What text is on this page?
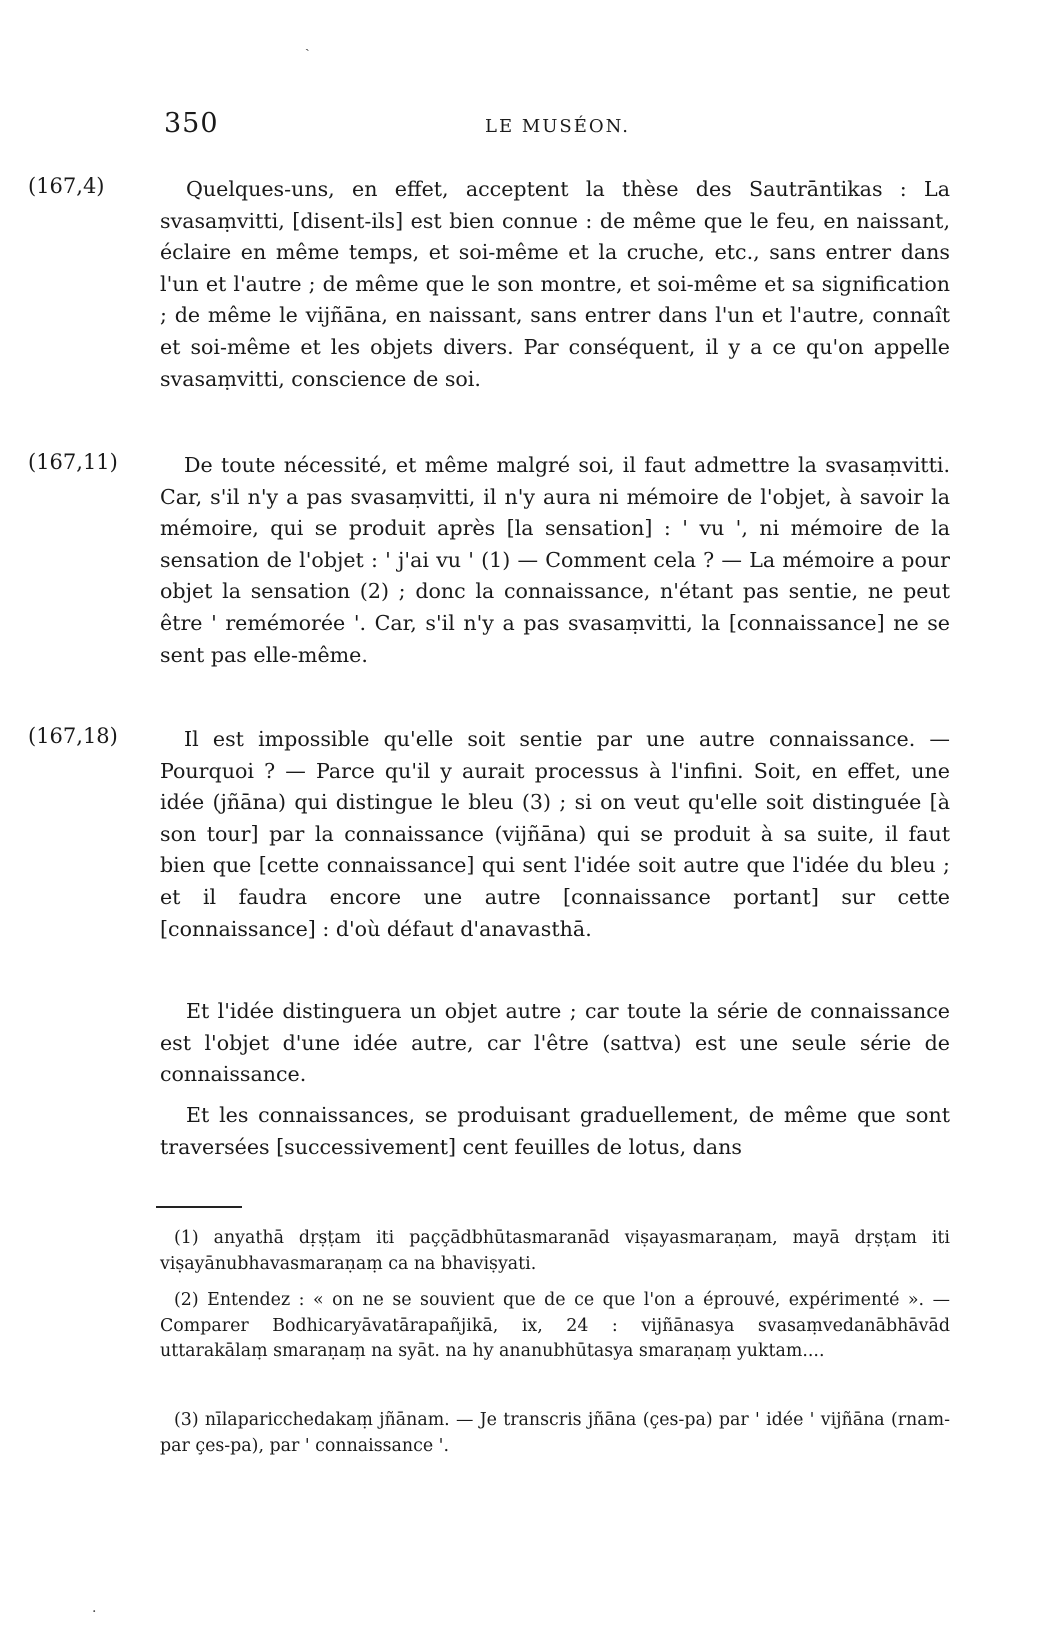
ˏ
350	LE MUSÉON.
(167,4)	Quelques-uns, en effet, acceptent la thèse des Sautrāntikas : La svasaṃvitti, [disent-ils] est bien connue : de même que le feu, en naissant, éclaire en même temps, et soi-même et la cruche, etc., sans entrer dans l'un et l'autre ; de même que le son montre, et soi-même et sa signification ; de même le vijñāna, en naissant, sans entrer dans l'un et l'autre, connaît et soi-même et les objets divers. Par conséquent, il y a ce qu'on appelle svasaṃvitti, conscience de soi.

(167,11)	De toute nécessité, et même malgré soi, il faut admettre la svasaṃvitti. Car, s'il n'y a pas svasaṃvitti, il n'y aura ni mémoire de l'objet, à savoir la mémoire, qui se produit après [la sensation] : ' vu ', ni mémoire de la sensation de l'objet : ' j'ai vu ' (1) — Comment cela ? — La mémoire a pour objet la sensation (2) ; donc la connaissance, n'étant pas sentie, ne peut être ' remémorée '. Car, s'il n'y a pas svasaṃvitti, la [connaissance] ne se sent pas elle-même.

(167,18)	Il est impossible qu'elle soit sentie par une autre connaissance. — Pourquoi ? — Parce qu'il y aurait processus à l'infini. Soit, en effet, une idée (jñāna) qui distingue le bleu (3) ; si on veut qu'elle soit distinguée [à son tour] par la connaissance (vijñāna) qui se produit à sa suite, il faut bien que [cette connaissance] qui sent l'idée soit autre que l'idée du bleu ; et il faudra encore une autre [connaissance portant] sur cette [connaissance] : d'où défaut d'anavasthā.

Et l'idée distinguera un objet autre ; car toute la série de connaissance est l'objet d'une idée autre, car l'être (sattva) est une seule série de connaissance.

Et les connaissances, se produisant graduellement, de même que sont traversées [successivement] cent feuilles de lotus, dans

(1) anyathā dṛṣṭam iti paççādbhūtasmaranād viṣayasmaraṇam, mayā dṛṣṭam iti viṣayānubhavasmaraṇaṃ ca na bhaviṣyati.

(2) Entendez : « on ne se souvient que de ce que l'on a éprouvé, expérimenté ». — Comparer Bodhicaryāvatārapañjikā, ix, 24 : vijñānasya svasaṃvedanābhāvād uttarakālaṃ smaraṇaṃ na syāt. na hy ananubhūtasya smaraṇaṃ yuktam....

(3) nīlaparicchedakaṃ jñānam. — Je transcris jñāna (çes-pa) par ' idée ' vijñāna (rnam-par çes-pa), par ' connaissance '.

·
